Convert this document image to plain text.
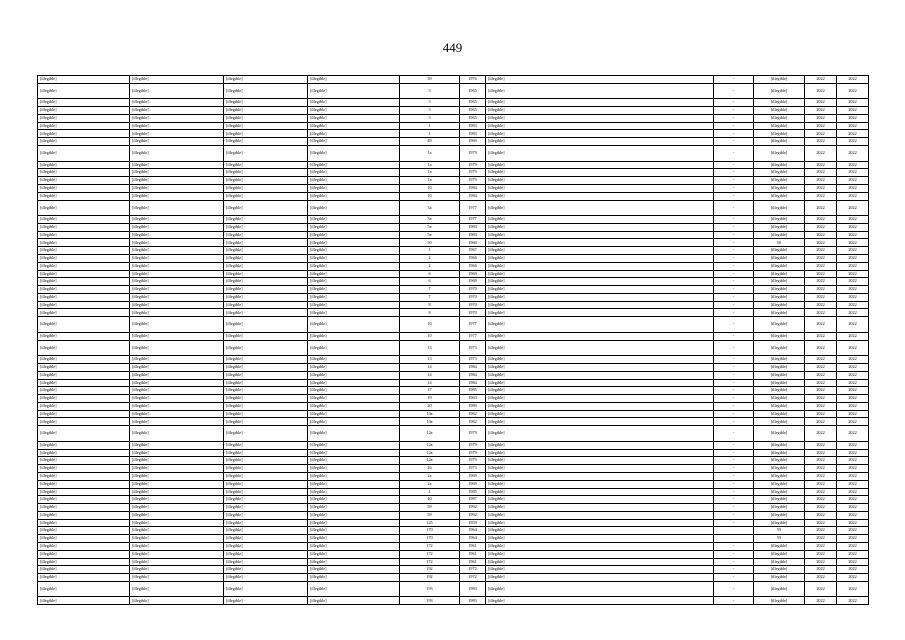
449
[illegible]	[illegible]	[illegible]	[illegible]	39	1976	[illegible]	-	[illegible]	2022	2022
[illegible]	[illegible]	[illegible]	[illegible]	3	1965	[illegible]	-	[illegible]	2022	2022
[illegible]	[illegible]	[illegible]	[illegible]	3	1965	[illegible]	-	[illegible]	2022	2022
[illegible]	[illegible]	[illegible]	[illegible]	3	1965	[illegible]	-	[illegible]	2022	2022
[illegible]	[illegible]	[illegible]	[illegible]	3	1965	[illegible]	-	[illegible]	2022	2022
[illegible]	[illegible]	[illegible]	[illegible]	1	1983	[illegible]	-	[illegible]	2022	2022
[illegible]	[illegible]	[illegible]	[illegible]	1	1983	[illegible]	-	[illegible]	2022	2022
[illegible]	[illegible]	[illegible]	[illegible]	49	1969	[illegible]	-	[illegible]	2022	2022
[illegible]	[illegible]	[illegible]	[illegible]	1a	1979	[illegible]	-	[illegible]	2022	2022
[illegible]	[illegible]	[illegible]	[illegible]	1a	1979	[illegible]	-	[illegible]	2022	2022
[illegible]	[illegible]	[illegible]	[illegible]	1a	1979	[illegible]	-	[illegible]	2022	2022
[illegible]	[illegible]	[illegible]	[illegible]	1a	1979	[illegible]	-	[illegible]	2022	2022
[illegible]	[illegible]	[illegible]	[illegible]	10	1984	[illegible]	-	[illegible]	2022	2022
[illegible]	[illegible]	[illegible]	[illegible]	10	1984	[illegible]	-	[illegible]	2022	2022
[illegible]	[illegible]	[illegible]	[illegible]	3a	1977	[illegible]	-	[illegible]	2022	2022
[illegible]	[illegible]	[illegible]	[illegible]	3a	1977	[illegible]	-	[illegible]	2022	2022
[illegible]	[illegible]	[illegible]	[illegible]	5a	1983	[illegible]	-	[illegible]	2022	2022
[illegible]	[illegible]	[illegible]	[illegible]	5a	1983	[illegible]	-	[illegible]	2022	2022
[illegible]	[illegible]	[illegible]	[illegible]	50	1960	[illegible]	-	50	2022	2022
[illegible]	[illegible]	[illegible]	[illegible]	1	1967	[illegible]	-	[illegible]	2022	2022
[illegible]	[illegible]	[illegible]	[illegible]	2	1966	[illegible]	-	[illegible]	2022	2022
[illegible]	[illegible]	[illegible]	[illegible]	2	1966	[illegible]	-	[illegible]	2022	2022
[illegible]	[illegible]	[illegible]	[illegible]	6	1969	[illegible]	-	[illegible]	2022	2022
[illegible]	[illegible]	[illegible]	[illegible]	6	1969	[illegible]	-	[illegible]	2022	2022
[illegible]	[illegible]	[illegible]	[illegible]	7	1970	[illegible]	-	[illegible]	2022	2022
[illegible]	[illegible]	[illegible]	[illegible]	7	1970	[illegible]	-	[illegible]	2022	2022
[illegible]	[illegible]	[illegible]	[illegible]	8	1970	[illegible]	-	[illegible]	2022	2022
[illegible]	[illegible]	[illegible]	[illegible]	8	1970	[illegible]	-	[illegible]	2022	2022
[illegible]	[illegible]	[illegible]	[illegible]	10	1977	[illegible]	-	[illegible]	2022	2022
[illegible]	[illegible]	[illegible]	[illegible]	10	1977	[illegible]	-	[illegible]	2022	2022
[illegible]	[illegible]	[illegible]	[illegible]	13	1973	[illegible]	-	[illegible]	2022	2022
[illegible]	[illegible]	[illegible]	[illegible]	13	1973	[illegible]	-	[illegible]	2022	2022
[illegible]	[illegible]	[illegible]	[illegible]	14	1984	[illegible]	-	[illegible]	2022	2022
[illegible]	[illegible]	[illegible]	[illegible]	14	1984	[illegible]	-	[illegible]	2022	2022
[illegible]	[illegible]	[illegible]	[illegible]	14	1984	[illegible]	-	[illegible]	2022	2022
[illegible]	[illegible]	[illegible]	[illegible]	17	1985	[illegible]	-	[illegible]	2022	2022
[illegible]	[illegible]	[illegible]	[illegible]	19	1963	[illegible]	-	[illegible]	2022	2022
[illegible]	[illegible]	[illegible]	[illegible]	20	1989	[illegible]	-	[illegible]	2022	2022
[illegible]	[illegible]	[illegible]	[illegible]	10a	1982	[illegible]	-	[illegible]	2022	2022
[illegible]	[illegible]	[illegible]	[illegible]	10a	1982	[illegible]	-	[illegible]	2022	2022
[illegible]	[illegible]	[illegible]	[illegible]	12a	1979	[illegible]	-	[illegible]	2022	2022
[illegible]	[illegible]	[illegible]	[illegible]	12a	1979	[illegible]	-	[illegible]	2022	2022
[illegible]	[illegible]	[illegible]	[illegible]	12a	1979	[illegible]	-	[illegible]	2022	2022
[illegible]	[illegible]	[illegible]	[illegible]	12a	1979	[illegible]	-	[illegible]	2022	2022
[illegible]	[illegible]	[illegible]	[illegible]	26	1973	[illegible]	-	[illegible]	2022	2022
[illegible]	[illegible]	[illegible]	[illegible]	2a	1969	[illegible]	-	[illegible]	2022	2022
[illegible]	[illegible]	[illegible]	[illegible]	2a	1969	[illegible]	-	[illegible]	2022	2022
[illegible]	[illegible]	[illegible]	[illegible]	1	1985	[illegible]	-	[illegible]	2022	2022
[illegible]	[illegible]	[illegible]	[illegible]	40	1987	[illegible]	-	[illegible]	2022	2022
[illegible]	[illegible]	[illegible]	[illegible]	59	1992	[illegible]	-	[illegible]	2022	2022
[illegible]	[illegible]	[illegible]	[illegible]	59	1992	[illegible]	-	[illegible]	2022	2022
[illegible]	[illegible]	[illegible]	[illegible]	125	1959	[illegible]	-	[illegible]	2022	2022
[illegible]	[illegible]	[illegible]	[illegible]	170	1964	[illegible]		55	2022	2022
[illegible]	[illegible]	[illegible]	[illegible]	170	1964	[illegible]		55	2022	2022
[illegible]	[illegible]	[illegible]	[illegible]	172	1961	[illegible]	-	[illegible]	2022	2022
[illegible]	[illegible]	[illegible]	[illegible]	172	1961	[illegible]	-	[illegible]	2022	2022
[illegible]	[illegible]	[illegible]	[illegible]	172	1961	[illegible]	-	[illegible]	2022	2022
[illegible]	[illegible]	[illegible]	[illegible]	192	1972	[illegible]	-	[illegible]	2022	2022
[illegible]	[illegible]	[illegible]	[illegible]	192	1972	[illegible]	-	[illegible]	2022	2022
[illegible]	[illegible]	[illegible]	[illegible]	193	1983	[illegible]	-	[illegible]	2022	2022
[illegible]	[illegible]	[illegible]	[illegible]	193	1983	[illegible]	-	[illegible]	2022	2022
